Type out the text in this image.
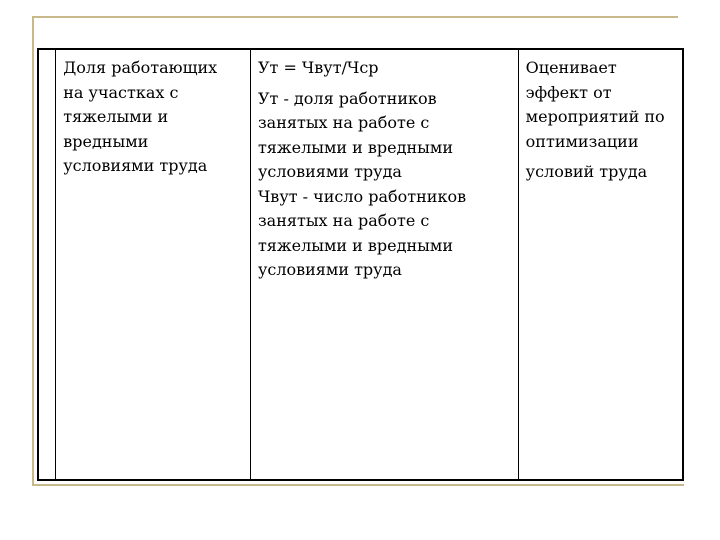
Доля работающих
на участках с
тяжелыми и
вредными
условиями труда

Ут = Чвут/Чср
Ут - доля работников
занятых на работе с
тяжелыми и вредными
условиями труда
Чвут - число работников
занятых на работе с
тяжелыми и вредными
условиями труда

Оценивает
эффект от
мероприятий по
оптимизации
условий труда
